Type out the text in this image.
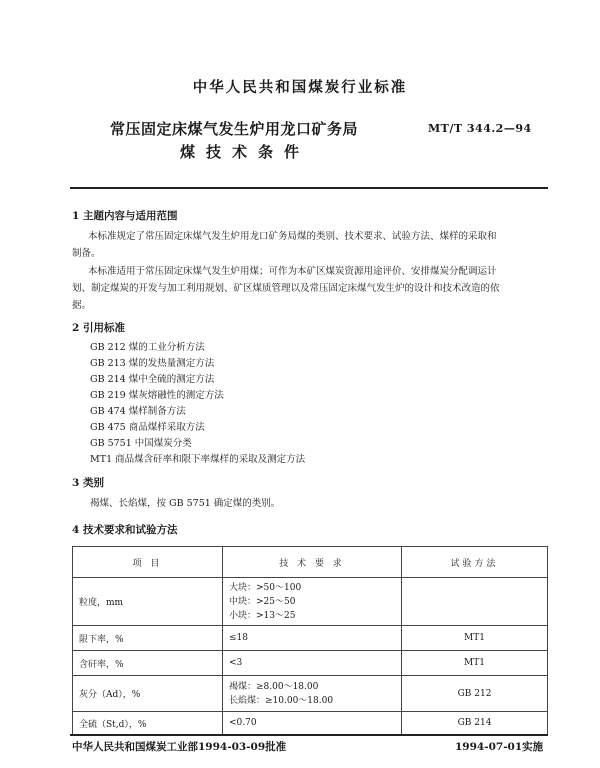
中华人民共和国煤炭行业标准
常压固定床煤气发生炉用龙口矿务局
煤技术条件
MT/T 344.2—94
1 主题内容与适用范围
本标准规定了常压固定床煤气发生炉用龙口矿务局煤的类别、技术要求、试验方法、煤样的采取和
制备。
本标准适用于常压固定床煤气发生炉用煤；可作为本矿区煤炭资源用途评价、安排煤炭分配调运计
划、制定煤炭的开发与加工利用规划、矿区煤质管理以及常压固定床煤气发生炉的设计和技术改造的依
据。
2 引用标准
GB 212 煤的工业分析方法
GB 213 煤的发热量测定方法
GB 214 煤中全硫的测定方法
GB 219 煤灰熔融性的测定方法
GB 474 煤样制备方法
GB 475 商品煤样采取方法
GB 5751 中国煤炭分类
MT1 商品煤含矸率和限下率煤样的采取及测定方法
3 类别
褐煤、长焰煤，按 GB 5751 确定煤的类别。
4 技术要求和试验方法
项 目	技 术 要 求	试验方法
粒度，mm	大块：>50～100
中块：>25～50
小块：>13～25	

限下率，%	≤18	MT1
含矸率，%	<3	MT1
灰分（Ad），%	褐煤：≥8.00～18.00
长焰煤：≥10.00～18.00	GB 212
全硫（St,d），%	<0.70	GB 214
中华人民共和国煤炭工业部1994-03-09批准	1994-07-01实施
